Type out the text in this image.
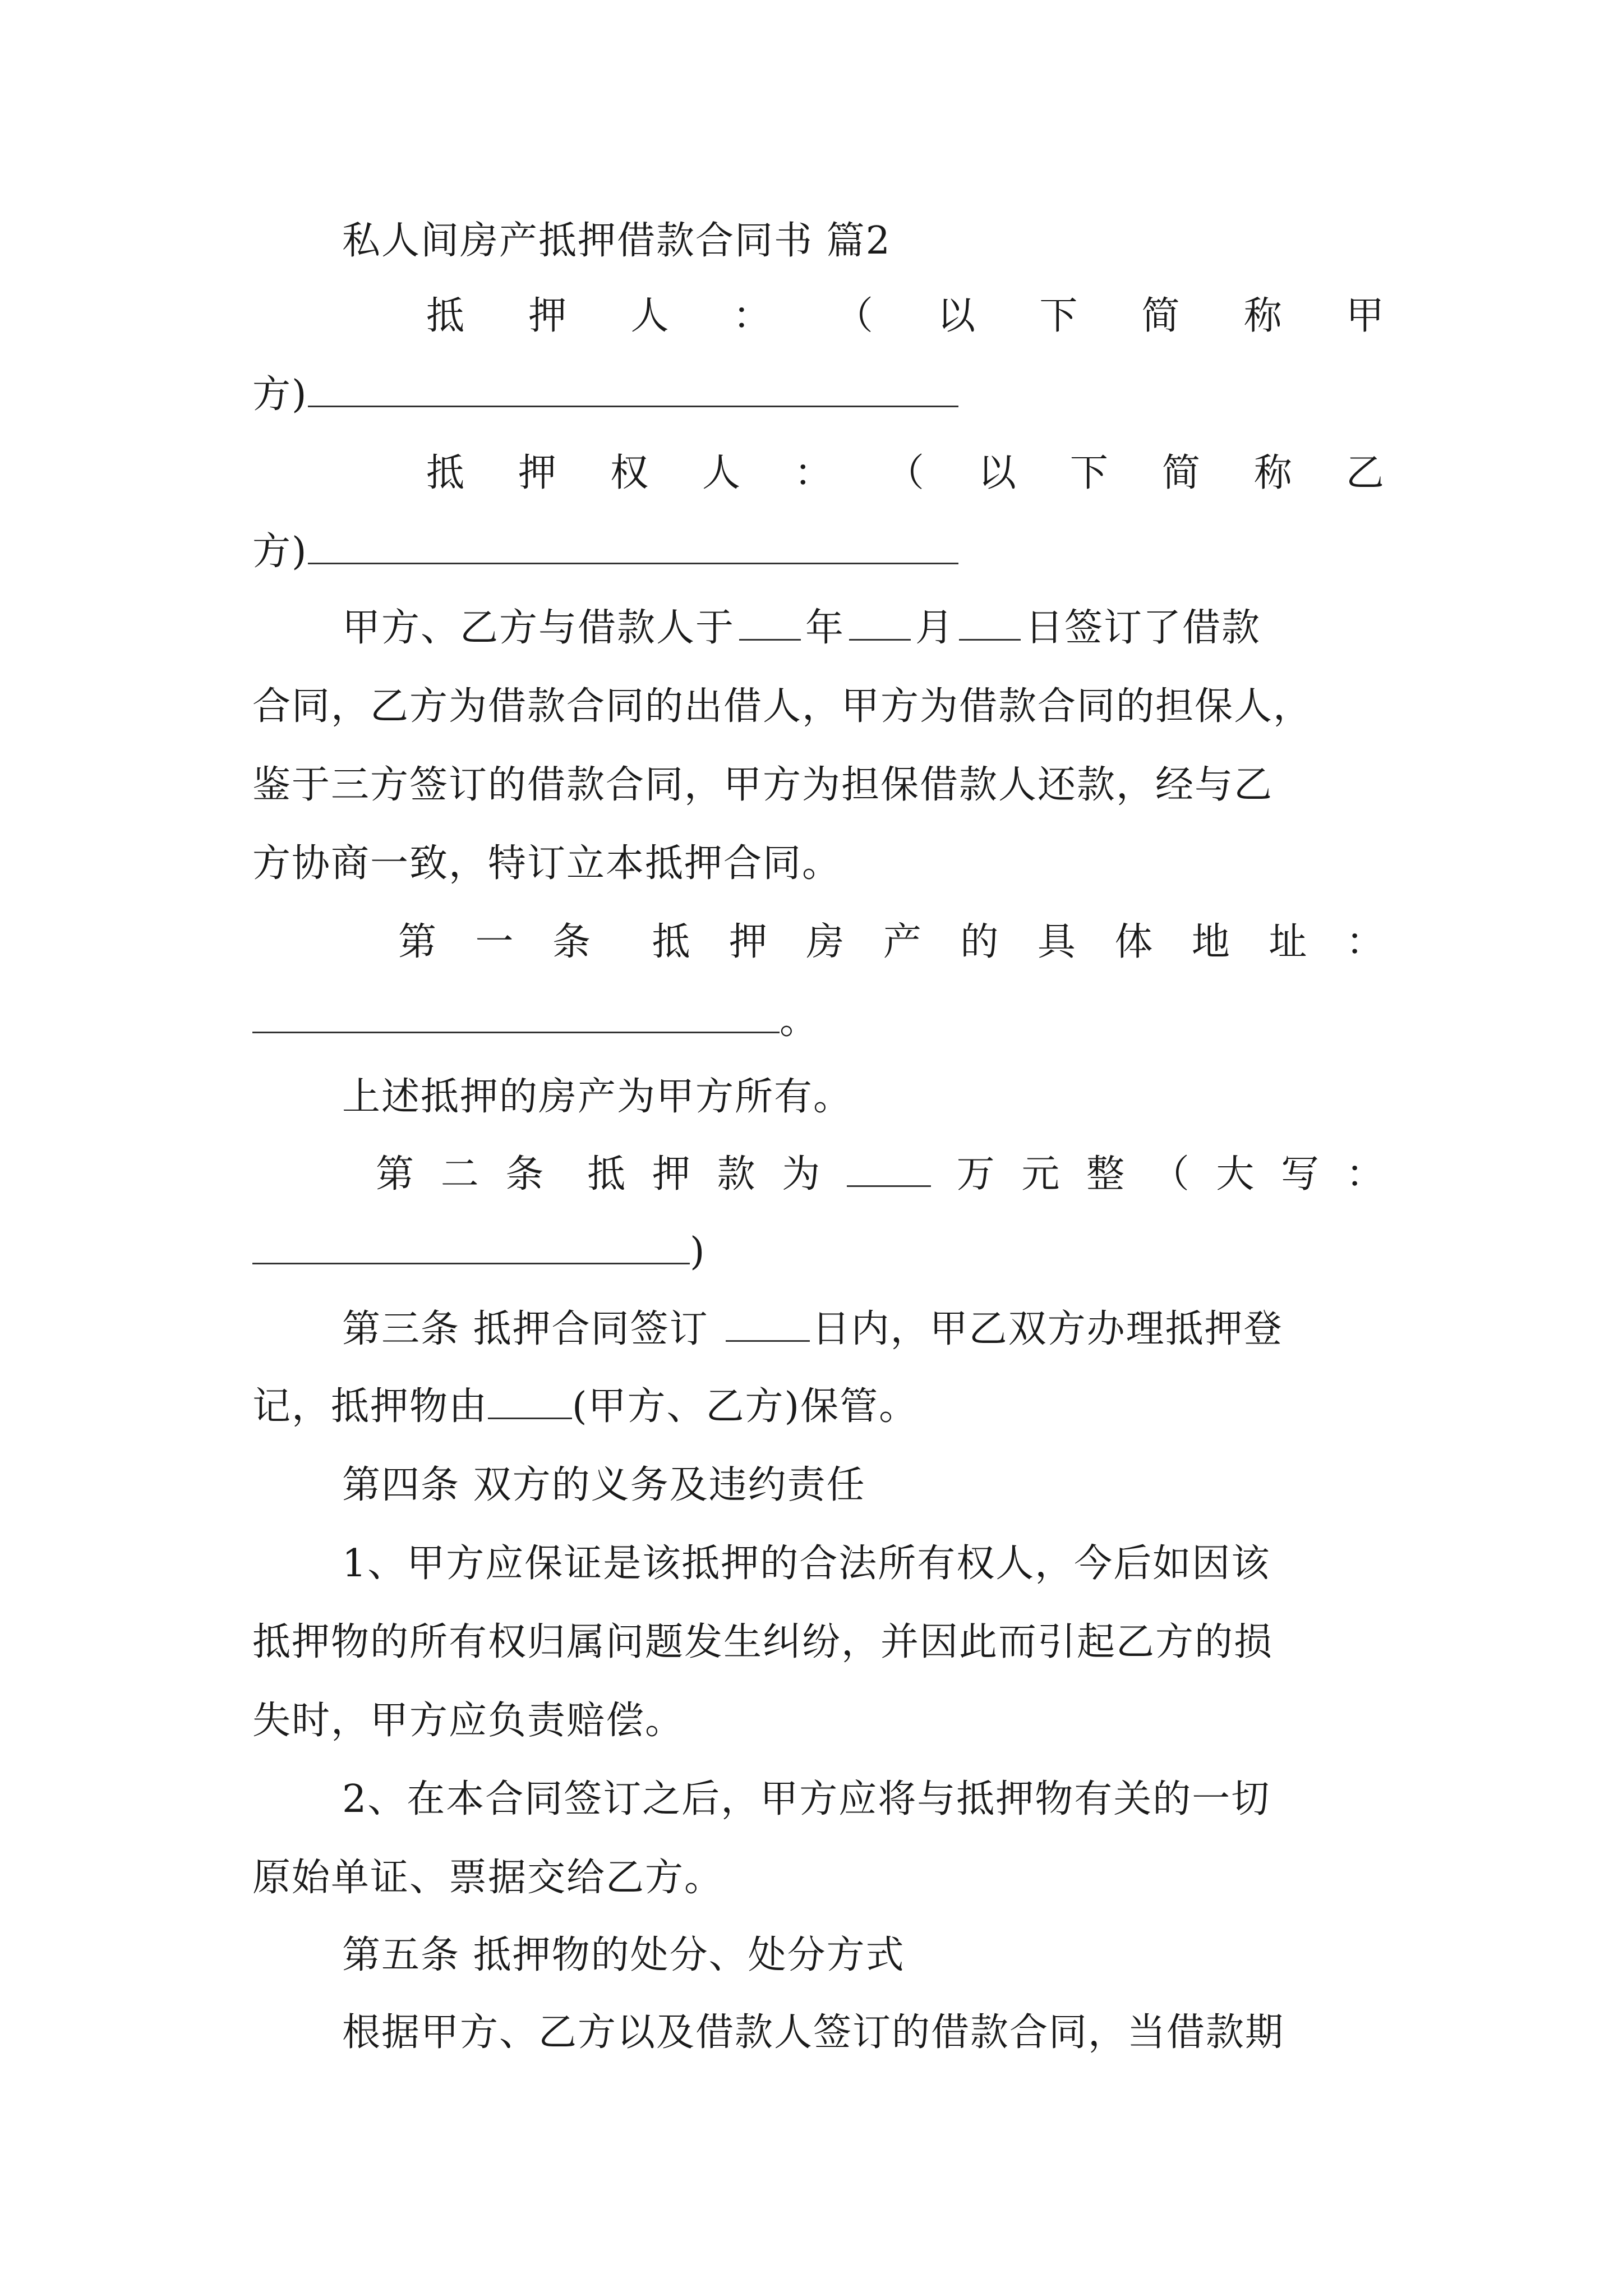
私人间房产抵押借款合同书 篇2
抵 押 人 ： （ 以 下 简 称 甲
方)
抵 押 权 人 ： （ 以 下 简 称 乙
方)
甲方、乙方与借款人于 年 月 日签订了借款
合同，乙方为借款合同的出借人，甲方为借款合同的担保人，
鉴于三方签订的借款合同，甲方为担保借款人还款，经与乙
方协商一致，特订立本抵押合同。
第 一 条 抵 押 房 产 的 具 体 地 址 ：
。
上述抵押的房产为甲方所有。
第 二 条 抵 押 款 为	万 元 整 （ 大 写 ：
)
第三条 抵押合同签订	日内，甲乙双方办理抵押登
记，抵押物由 (甲方、乙方)保管。
第四条 双方的义务及违约责任
1、甲方应保证是该抵押的合法所有权人，今后如因该
抵押物的所有权归属问题发生纠纷，并因此而引起乙方的损
失时，甲方应负责赔偿。
2、在本合同签订之后，甲方应将与抵押物有关的一切
原始单证、票据交给乙方。
第五条 抵押物的处分、处分方式
根据甲方、乙方以及借款人签订的借款合同，当借款期
